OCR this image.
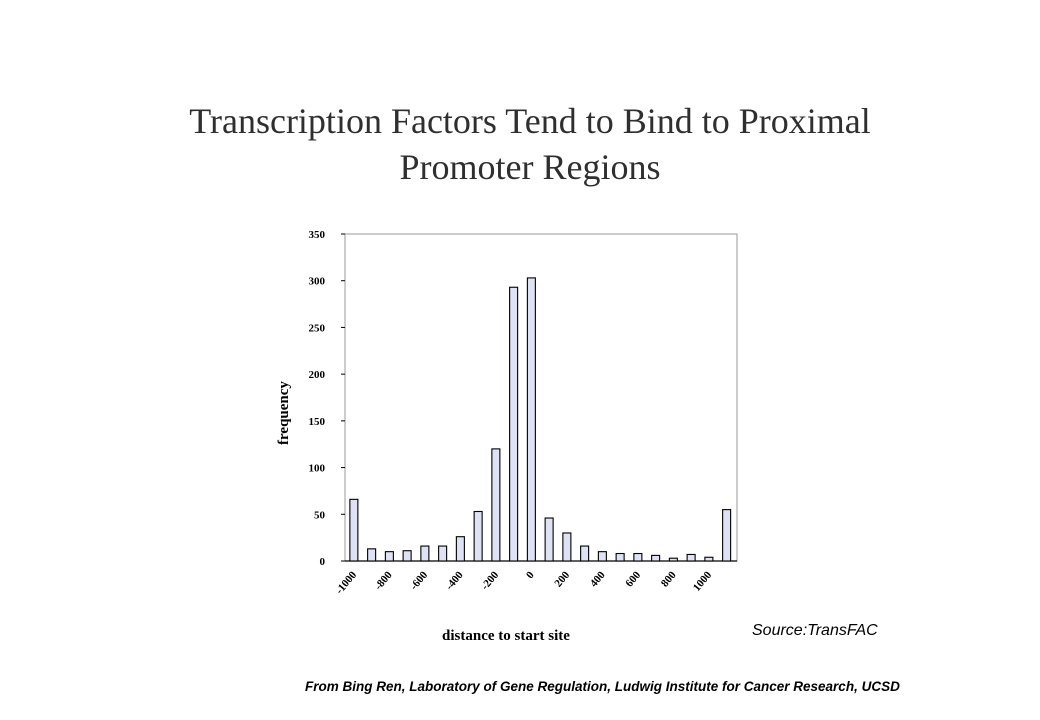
Transcription Factors Tend to Bind to Proximal
Promoter Regions
0
50
100
150
200
250
300
350
-1000 -800 -600 -400 -200 0 200 400 600 800 1000
distance to start site
frequency
Source:TransFAC
From Bing Ren, Laboratory of Gene Regulation, Ludwig Institute for Cancer Research, UCSD
